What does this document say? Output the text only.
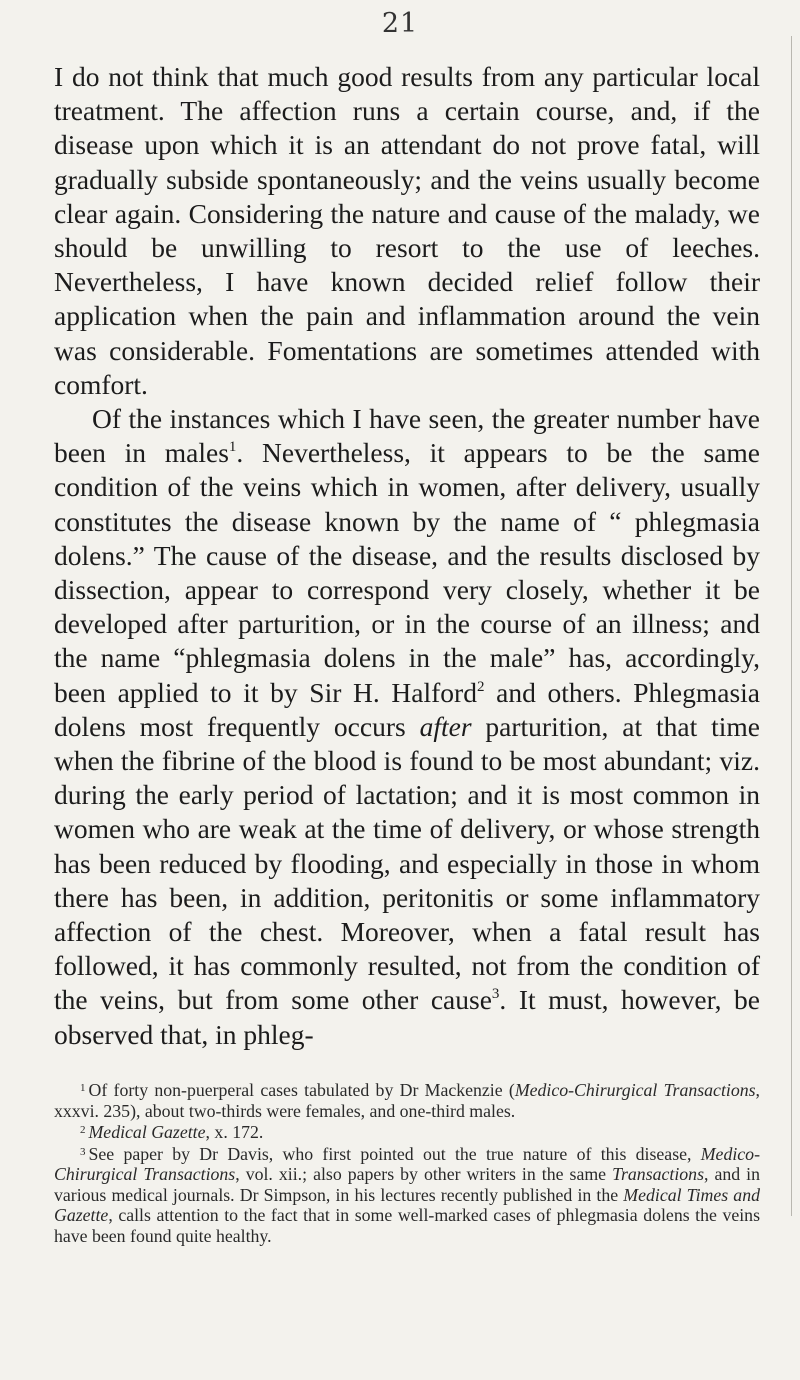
21

I do not think that much good results from any particular local treatment. The affection runs a certain course, and, if the disease upon which it is an attendant do not prove fatal, will gradually subside spontaneously; and the veins usually become clear again. Considering the nature and cause of the malady, we should be unwilling to resort to the use of leeches. Nevertheless, I have known decided relief follow their application when the pain and inflammation around the vein was considerable. Fomentations are sometimes attended with comfort.

Of the instances which I have seen, the greater number have been in males$^1$. Nevertheless, it appears to be the same condition of the veins which in women, after delivery, usually constitutes the disease known by the name of “ phlegmasia dolens.” The cause of the disease, and the results disclosed by dissection, appear to correspond very closely, whether it be developed after parturition, or in the course of an illness; and the name “phlegmasia dolens in the male” has, accordingly, been applied to it by Sir H. Halford$^2$ and others. Phlegmasia dolens most frequently occurs after parturition, at that time when the fibrine of the blood is found to be most abundant; viz. during the early period of lactation; and it is most common in women who are weak at the time of delivery, or whose strength has been reduced by flooding, and especially in those in whom there has been, in addition, peritonitis or some inflammatory affection of the chest. Moreover, when a fatal result has followed, it has commonly resulted, not from the condition of the veins, but from some other cause$^3$. It must, however, be observed that, in phleg-

$^1$ Of forty non-puerperal cases tabulated by Dr Mackenzie (Medico-Chirurgical Transactions, xxxvi. 235), about two-thirds were females, and one-third males.

$^2$ Medical Gazette, x. 172.

$^3$ See paper by Dr Davis, who first pointed out the true nature of this disease, Medico-Chirurgical Transactions, vol. xii.; also papers by other writers in the same Transactions, and in various medical journals. Dr Simpson, in his lectures recently published in the Medical Times and Gazette, calls attention to the fact that in some well-marked cases of phlegmasia dolens the veins have been found quite healthy.
